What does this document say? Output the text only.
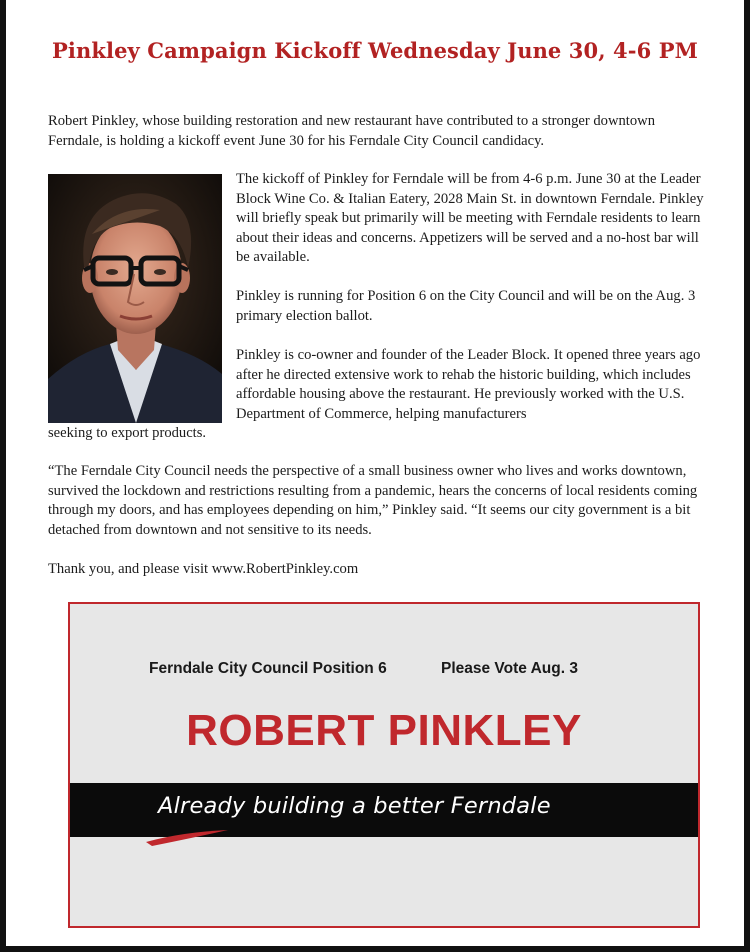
Pinkley Campaign Kickoff Wednesday June 30, 4-6 PM
Robert Pinkley, whose building restoration and new restaurant have contributed to a stronger downtown Ferndale, is holding a kickoff event June 30 for his Ferndale City Council candidacy.
The kickoff of Pinkley for Ferndale will be from 4-6 p.m. June 30 at the Leader Block Wine Co. & Italian Eatery, 2028 Main St. in downtown Ferndale. Pinkley will briefly speak but primarily will be meeting with Ferndale residents to learn about their ideas and concerns. Appetizers will be served and a no-host bar will be available.
Pinkley is running for Position 6 on the City Council and will be on the Aug. 3 primary election ballot.
Pinkley is co-owner and founder of the Leader Block. It opened three years ago after he directed extensive work to rehab the historic building, which includes affordable housing above the restaurant. He previously worked with the U.S. Department of Commerce, helping manufacturers
seeking to export products.
“The Ferndale City Council needs the perspective of a small business owner who lives and works downtown, survived the lockdown and restrictions resulting from a pandemic, hears the concerns of local residents coming through my doors, and has employees depending on him,” Pinkley said. “It seems our city government is a bit detached from downtown and not sensitive to its needs.
Thank you, and please visit www.RobertPinkley.com
Ferndale City Council Position 6	Please Vote Aug. 3
ROBERT PINKLEY
Already building a better Ferndale
